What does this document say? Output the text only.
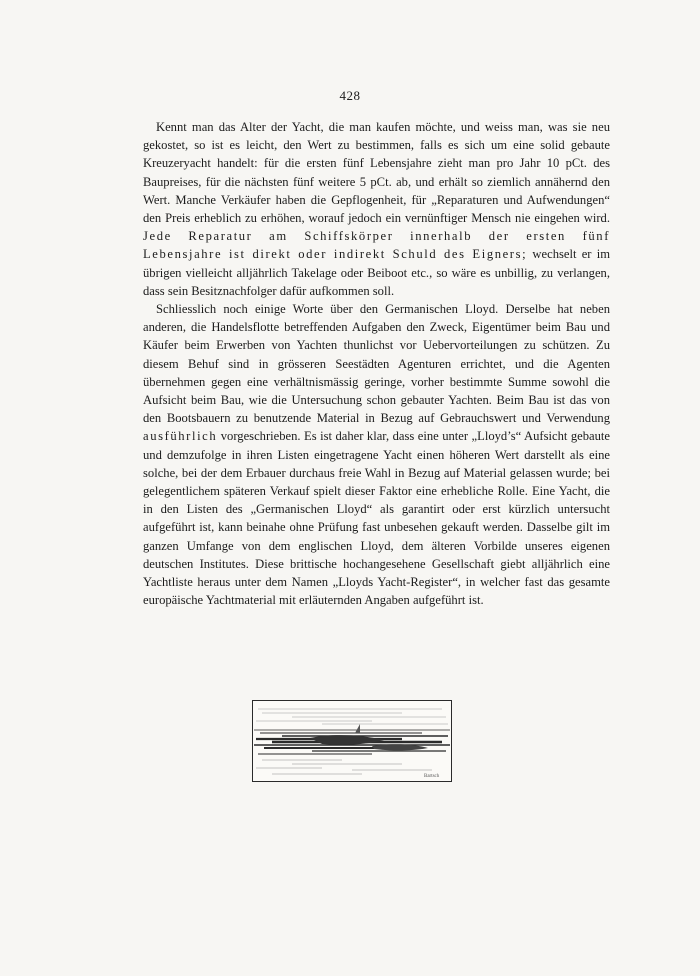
428

Kennt man das Alter der Yacht, die man kaufen möchte, und weiss man, was sie neu gekostet, so ist es leicht, den Wert zu bestimmen, falls es sich um eine solid gebaute Kreuzeryacht handelt: für die ersten fünf Lebensjahre zieht man pro Jahr 10 pCt. des Baupreises, für die nächsten fünf weitere 5 pCt. ab, und erhält so ziemlich annähernd den Wert. Manche Verkäufer haben die Gepflogenheit, für „Reparaturen und Aufwendungen“ den Preis erheblich zu erhöhen, worauf jedoch ein vernünftiger Mensch nie eingehen wird. Jede Reparatur am Schiffskörper innerhalb der ersten fünf Lebensjahre ist direkt oder indirekt Schuld des Eigners; wechselt er im übrigen vielleicht alljährlich Takelage oder Beiboot etc., so wäre es unbillig, zu verlangen, dass sein Besitznachfolger dafür aufkommen soll.

Schliesslich noch einige Worte über den Germanischen Lloyd. Derselbe hat neben anderen, die Handelsflotte betreffenden Aufgaben den Zweck, Eigentümer beim Bau und Käufer beim Erwerben von Yachten thunlichst vor Uebervorteilungen zu schützen. Zu diesem Behuf sind in grösseren Seestädten Agenturen errichtet, und die Agenten übernehmen gegen eine verhältnismässig geringe, vorher bestimmte Summe sowohl die Aufsicht beim Bau, wie die Untersuchung schon gebauter Yachten. Beim Bau ist das von den Bootsbauern zu benutzende Material in Bezug auf Gebrauchswert und Verwendung ausführlich vorgeschrieben. Es ist daher klar, dass eine unter „Lloyd’s“ Aufsicht gebaute und demzufolge in ihren Listen eingetragene Yacht einen höheren Wert darstellt als eine solche, bei der dem Erbauer durchaus freie Wahl in Bezug auf Material gelassen wurde; bei gelegentlichem späteren Verkauf spielt dieser Faktor eine erhebliche Rolle. Eine Yacht, die in den Listen des „Germanischen Lloyd“ als garantirt oder erst kürzlich untersucht aufgeführt ist, kann beinahe ohne Prüfung fast unbesehen gekauft werden. Dasselbe gilt im ganzen Umfange von dem englischen Lloyd, dem älteren Vorbilde unseres eigenen deutschen Institutes. Diese brittische hochangesehene Gesellschaft giebt alljährlich eine Yachtliste heraus unter dem Namen „Lloyds Yacht-Register“, in welcher fast das gesamte europäische Yachtmaterial mit erläuternden Angaben aufgeführt ist.

Bartsch
